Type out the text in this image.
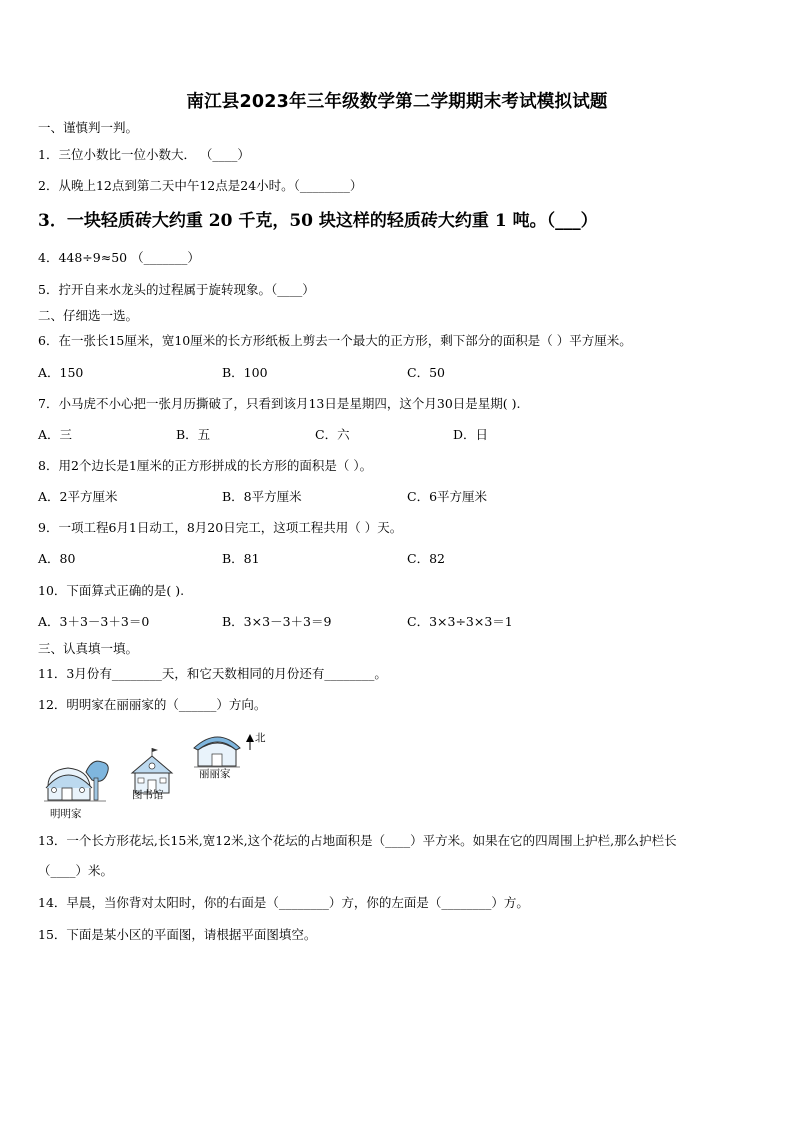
南江县2023年三年级数学第二学期期末考试模拟试题
一、谨慎判一判。
1．三位小数比一位小数大． （____）
2．从晚上12点到第二天中午12点是24小时。（________）
3．一块轻质砖大约重 20 千克，50 块这样的轻质砖大约重 1 吨。（___）
4．448÷9≈50 （_______）
5．拧开自来水龙头的过程属于旋转现象。（____）
二、仔细选一选。
6．在一张长15厘米，宽10厘米的长方形纸板上剪去一个最大的正方形，剩下部分的面积是（ ）平方厘米。
A．150	B．100	C．50
7．小马虎不小心把一张月历撕破了，只看到该月13日是星期四，这个月30日是星期( ).
A．三	B．五	C．六	D．日
8．用2个边长是1厘米的正方形拼成的长方形的面积是（ ）。
A．2平方厘米	B．8平方厘米	C．6平方厘米
9．一项工程6月1日动工，8月20日完工，这项工程共用（ ）天。
A．80	B．81	C．82
10．下面算式正确的是( ).
A．3＋3－3＋3＝0	B．3×3－3＋3＝9	C．3×3÷3×3＝1
三、认真填一填。
11．3月份有________天，和它天数相同的月份还有________。
12．明明家在丽丽家的（______）方向。
北
丽丽家
图书馆
明明家
13．一个长方形花坛,长15米,宽12米,这个花坛的占地面积是（____）平方米。如果在它的四周围上护栏,那么护栏长
（____）米。
14．早晨，当你背对太阳时，你的右面是（________）方，你的左面是（________）方。
15．下面是某小区的平面图，请根据平面图填空。
